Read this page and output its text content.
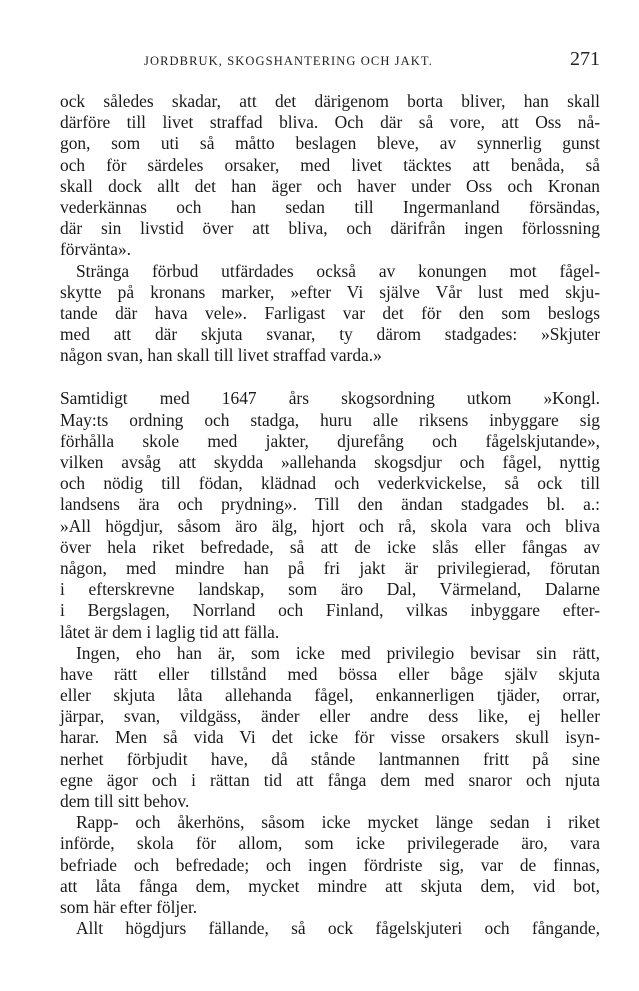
JORDBRUK, SKOGSHANTERING OCH JAKT.	271
ock således skadar, att det därigenom borta bliver, han skall
därföre till livet straffad bliva. Och där så vore, att Oss nå-
gon, som uti så måtto beslagen bleve, av synnerlig gunst
och för särdeles orsaker, med livet täcktes att benåda, så
skall dock allt det han äger och haver under Oss och Kronan
vederkännas och han sedan till Ingermanland försändas,
där sin livstid över att bliva, och därifrån ingen förlossning
förvänta».
Stränga förbud utfärdades också av konungen mot fågel-
skytte på kronans marker, »efter Vi själve Vår lust med skju-
tande där hava vele». Farligast var det för den som beslogs
med att där skjuta svanar, ty därom stadgades: »Skjuter
någon svan, han skall till livet straffad varda.»
Samtidigt med 1647 års skogsordning utkom »Kongl.
May:ts ordning och stadga, huru alle riksens inbyggare sig
förhålla skole med jakter, djurefång och fågelskjutande»,
vilken avsåg att skydda »allehanda skogsdjur och fågel, nyttig
och nödig till födan, klädnad och vederkvickelse, så ock till
landsens ära och prydning». Till den ändan stadgades bl. a.:
»All högdjur, såsom äro älg, hjort och rå, skola vara och bliva
över hela riket befredade, så att de icke slås eller fångas av
någon, med mindre han på fri jakt är privilegierad, förutan
i efterskrevne landskap, som äro Dal, Värmeland, Dalarne
i Bergslagen, Norrland och Finland, vilkas inbyggare efter-
låtet är dem i laglig tid att fälla.
Ingen, eho han är, som icke med privilegio bevisar sin rätt,
have rätt eller tillstånd med bössa eller båge själv skjuta
eller skjuta låta allehanda fågel, enkannerligen tjäder, orrar,
järpar, svan, vildgäss, änder eller andre dess like, ej heller
harar. Men så vida Vi det icke för visse orsakers skull isyn-
nerhet förbjudit have, då stånde lantmannen fritt på sine
egne ägor och i rättan tid att fånga dem med snaror och njuta
dem till sitt behov.
Rapp- och åkerhöns, såsom icke mycket länge sedan i riket
införde, skola för allom, som icke privilegerade äro, vara
befriade och befredade; och ingen fördriste sig, var de finnas,
att låta fånga dem, mycket mindre att skjuta dem, vid bot,
som här efter följer.
Allt högdjurs fällande, så ock fågelskjuteri och fångande,
